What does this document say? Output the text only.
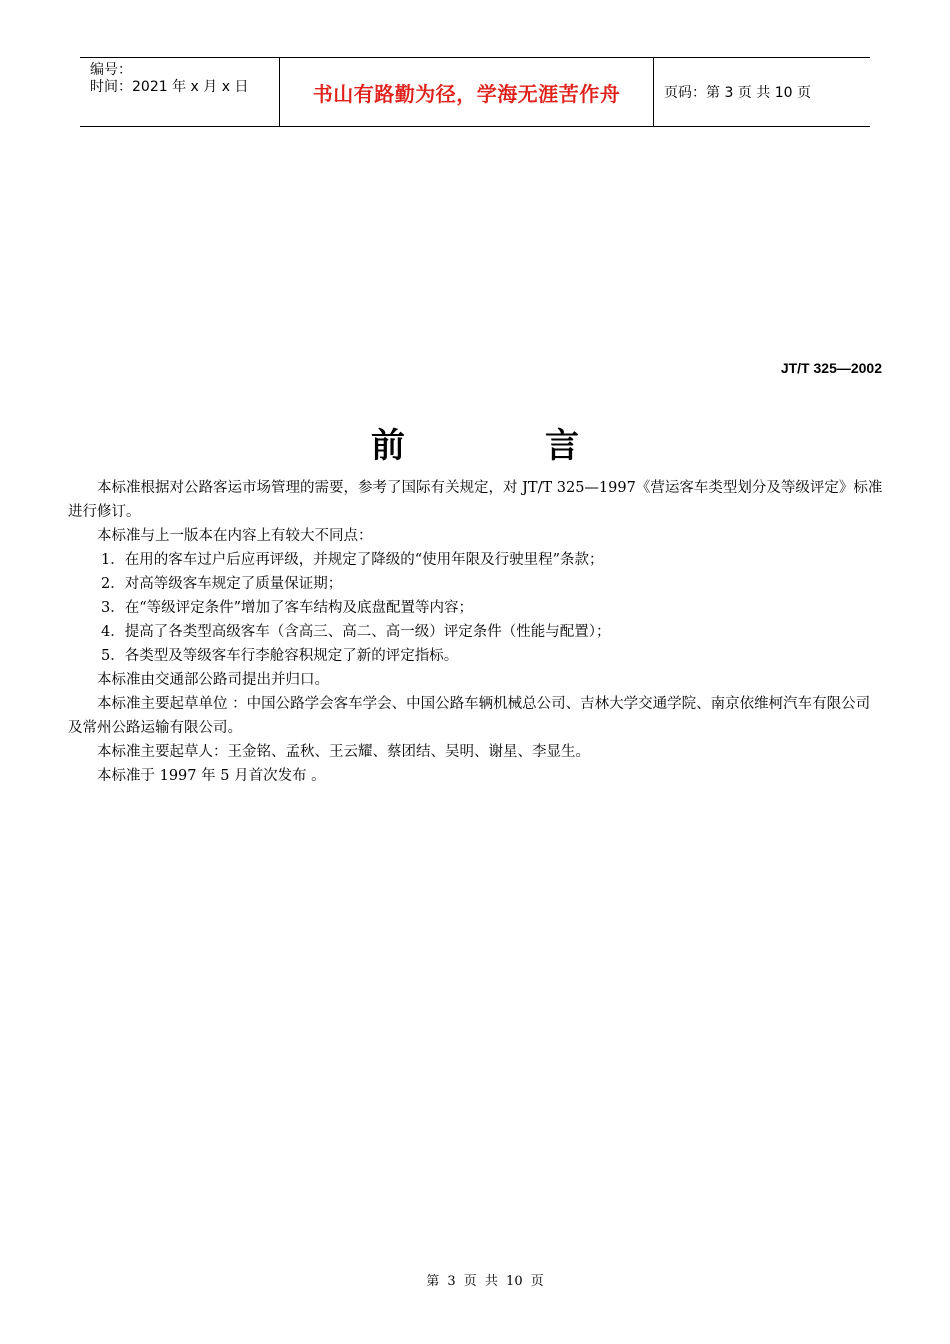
编号：
时间：2021 年 x 月 x 日	书山有路勤为径，学海无涯苦作舟	页码：第 3 页 共 10 页
JT/T 325—2002
前言

本标准根据对公路客运市场管理的需要，参考了国际有关规定，对 JT/T 325—1997《营运客车类型划分及等级评定》标准进行修订。

本标准与上一版本在内容上有较大不同点：

1．在用的客车过户后应再评级，并规定了降级的“使用年限及行驶里程”条款；

2．对高等级客车规定了质量保证期；

3．在“等级评定条件”增加了客车结构及底盘配置等内容；

4．提高了各类型高级客车（含高三、高二、高一级）评定条件（性能与配置）；

5．各类型及等级客车行李舱容积规定了新的评定指标。

本标准由交通部公路司提出并归口。

本标准主要起草单位 ：中国公路学会客车学会、中国公路车辆机械总公司、吉林大学交通学院、南京依维柯汽车有限公司及常州公路运输有限公司。

本标准主要起草人：王金铭、孟秋、王云耀、蔡团结、吴明、谢星、李显生。

本标准于 1997 年 5 月首次发布 。

第 3 页 共 10 页
